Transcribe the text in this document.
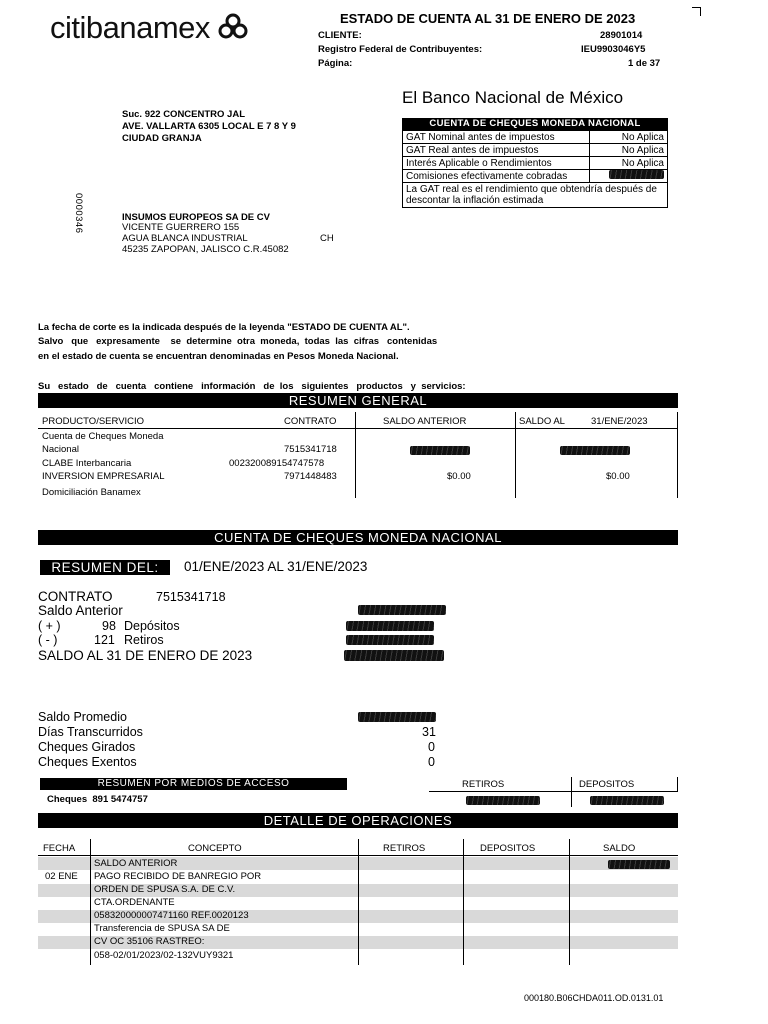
citibanamex	ESTADO DE CUENTA AL 31 DE ENERO DE 2023
CLIENTE:	28901014
Registro Federal de Contribuyentes:	IEU9903046Y5
Página:	1 de 37
El Banco Nacional de México
Suc. 922 CONCENTRO JAL
AVE. VALLARTA 6305 LOCAL E 7 8 Y 9
CIUDAD GRANJA
0000346	INSUMOS EUROPEOS SA DE CV
VICENTE GUERRERO 155
AGUA BLANCA INDUSTRIAL	CH
45235 ZAPOPAN, JALISCO C.R.45082
CUENTA DE CHEQUES MONEDA NACIONAL
GAT Nominal antes de impuestos	No Aplica
GAT Real antes de impuestos	No Aplica
Interés Aplicable o Rendimientos	No Aplica
Comisiones efectivamente cobradas	
La GAT real es el rendimiento que obtendría después de descontar la inflación estimada	
La fecha de corte es la indicada después de la leyenda "ESTADO DE CUENTA AL".
Salvo   que   expresamente    se  determine  otra  moneda,  todas  las  cifras   contenidas
en el estado de cuenta se encuentran denominadas en Pesos Moneda Nacional.
Su   estado   de   cuenta   contiene   información   de  los   siguientes   productos   y  servicios:
RESUMEN GENERAL
PRODUCTO/SERVICIO	CONTRATO	SALDO ANTERIOR	SALDO AL	31/ENE/2023
Cuenta de Cheques Moneda
Nacional	7515341718
CLABE Interbancaria	002320089154747578
INVERSION EMPRESARIAL	7971448483	$0.00	$0.00
Domiciliación Banamex
CUENTA DE CHEQUES MONEDA NACIONAL
RESUMEN DEL:	01/ENE/2023 AL 31/ENE/2023
CONTRATO	7515341718
Saldo Anterior
( + )	98 Depósitos
( - )	121 Retiros
SALDO AL 31 DE ENERO DE 2023
Saldo Promedio
Días Transcurridos	31
Cheques Girados	0
Cheques Exentos	0
RESUMEN POR MEDIOS DE ACCESO	RETIROS	DEPOSITOS
Cheques  891 5474757
DETALLE DE OPERACIONES
FECHA	CONCEPTO	RETIROS	DEPOSITOS	SALDO
SALDO ANTERIOR
02 ENE PAGO RECIBIDO DE BANREGIO POR
ORDEN DE SPUSA S.A. DE C.V.
CTA.ORDENANTE
058320000007471160 REF.0020123
Transferencia de SPUSA SA DE
CV OC 35106 RASTREO:
058-02/01/2023/02-132VUY9321
000180.B06CHDA011.OD.0131.01
